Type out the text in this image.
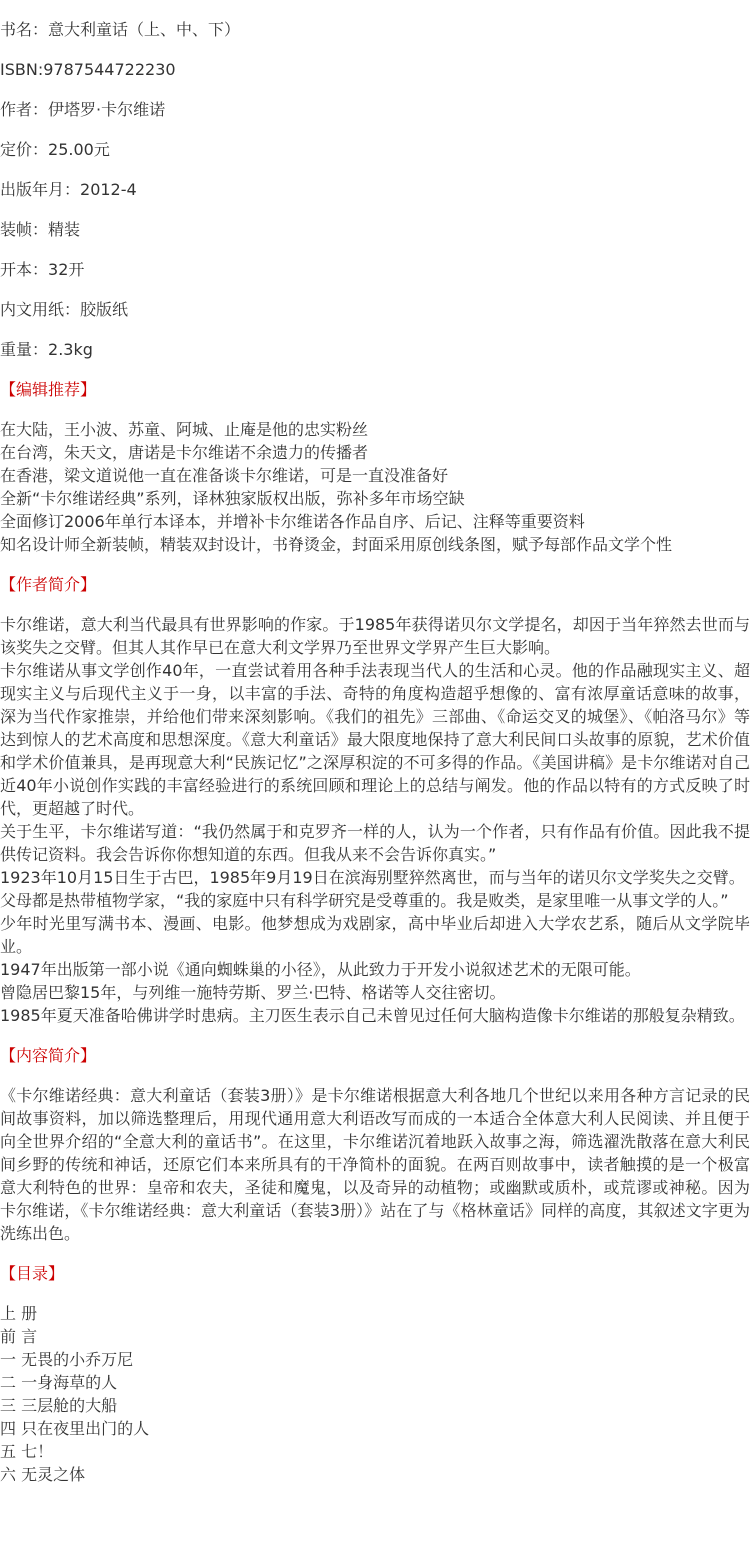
书名：意大利童话（上、中、下）
ISBN:9787544722230
作者：伊塔罗·卡尔维诺
定价：25.00元
出版年月：2012-4
装帧：精装
开本：32开
内文用纸：胶版纸
重量：2.3kg
【编辑推荐】
在大陆，王小波、苏童、阿城、止庵是他的忠实粉丝
在台湾，朱天文，唐诺是卡尔维诺不余遗力的传播者
在香港，梁文道说他一直在准备谈卡尔维诺，可是一直没准备好
全新“卡尔维诺经典”系列，译林独家版权出版，弥补多年市场空缺
全面修订2006年单行本译本，并增补卡尔维诺各作品自序、后记、注释等重要资料
知名设计师全新装帧，精装双封设计，书脊烫金，封面采用原创线条图，赋予每部作品文学个性
【作者简介】
卡尔维诺，意大利当代最具有世界影响的作家。于1985年获得诺贝尔文学提名，却因于当年猝然去世而与该奖失之交臂。但其人其作早已在意大利文学界乃至世界文学界产生巨大影响。
卡尔维诺从事文学创作40年，一直尝试着用各种手法表现当代人的生活和心灵。他的作品融现实主义、超现实主义与后现代主义于一身，以丰富的手法、奇特的角度构造超乎想像的、富有浓厚童话意味的故事，深为当代作家推崇，并给他们带来深刻影响。《我们的祖先》三部曲、《命运交叉的城堡》、《帕洛马尔》等达到惊人的艺术高度和思想深度。《意大利童话》最大限度地保持了意大利民间口头故事的原貌，艺术价值和学术价值兼具，是再现意大利“民族记忆”之深厚积淀的不可多得的作品。《美国讲稿》是卡尔维诺对自己近40年小说创作实践的丰富经验进行的系统回顾和理论上的总结与阐发。他的作品以特有的方式反映了时代，更超越了时代。
关于生平，卡尔维诺写道：“我仍然属于和克罗齐一样的人，认为一个作者，只有作品有价值。因此我不提供传记资料。我会告诉你你想知道的东西。但我从来不会告诉你真实。”
1923年10月15日生于古巴，1985年9月19日在滨海别墅猝然离世，而与当年的诺贝尔文学奖失之交臂。
父母都是热带植物学家，“我的家庭中只有科学研究是受尊重的。我是败类，是家里唯一从事文学的人。”
少年时光里写满书本、漫画、电影。他梦想成为戏剧家，高中毕业后却进入大学农艺系，随后从文学院毕业。
1947年出版第一部小说《通向蜘蛛巢的小径》，从此致力于开发小说叙述艺术的无限可能。
曾隐居巴黎15年，与列维一施特劳斯、罗兰·巴特、格诺等人交往密切。
1985年夏天准备哈佛讲学时患病。主刀医生表示自己未曾见过任何大脑构造像卡尔维诺的那般复杂精致。
【内容简介】
《卡尔维诺经典：意大利童话（套装3册）》是卡尔维诺根据意大利各地几个世纪以来用各种方言记录的民间故事资料，加以筛选整理后，用现代通用意大利语改写而成的一本适合全体意大利人民阅读、并且便于向全世界介绍的“全意大利的童话书”。在这里，卡尔维诺沉着地跃入故事之海，筛选濯洗散落在意大利民间乡野的传统和神话，还原它们本来所具有的干净简朴的面貌。在两百则故事中，读者触摸的是一个极富意大利特色的世界：皇帝和农夫，圣徒和魔鬼，以及奇异的动植物；或幽默或质朴，或荒谬或神秘。因为卡尔维诺，《卡尔维诺经典：意大利童话（套装3册）》站在了与《格林童话》同样的高度，其叙述文字更为洗练出色。
【目录】
上 册
前 言
一 无畏的小乔万尼
二 一身海草的人
三 三层舱的大船
四 只在夜里出门的人
五 七！
六 无灵之体
